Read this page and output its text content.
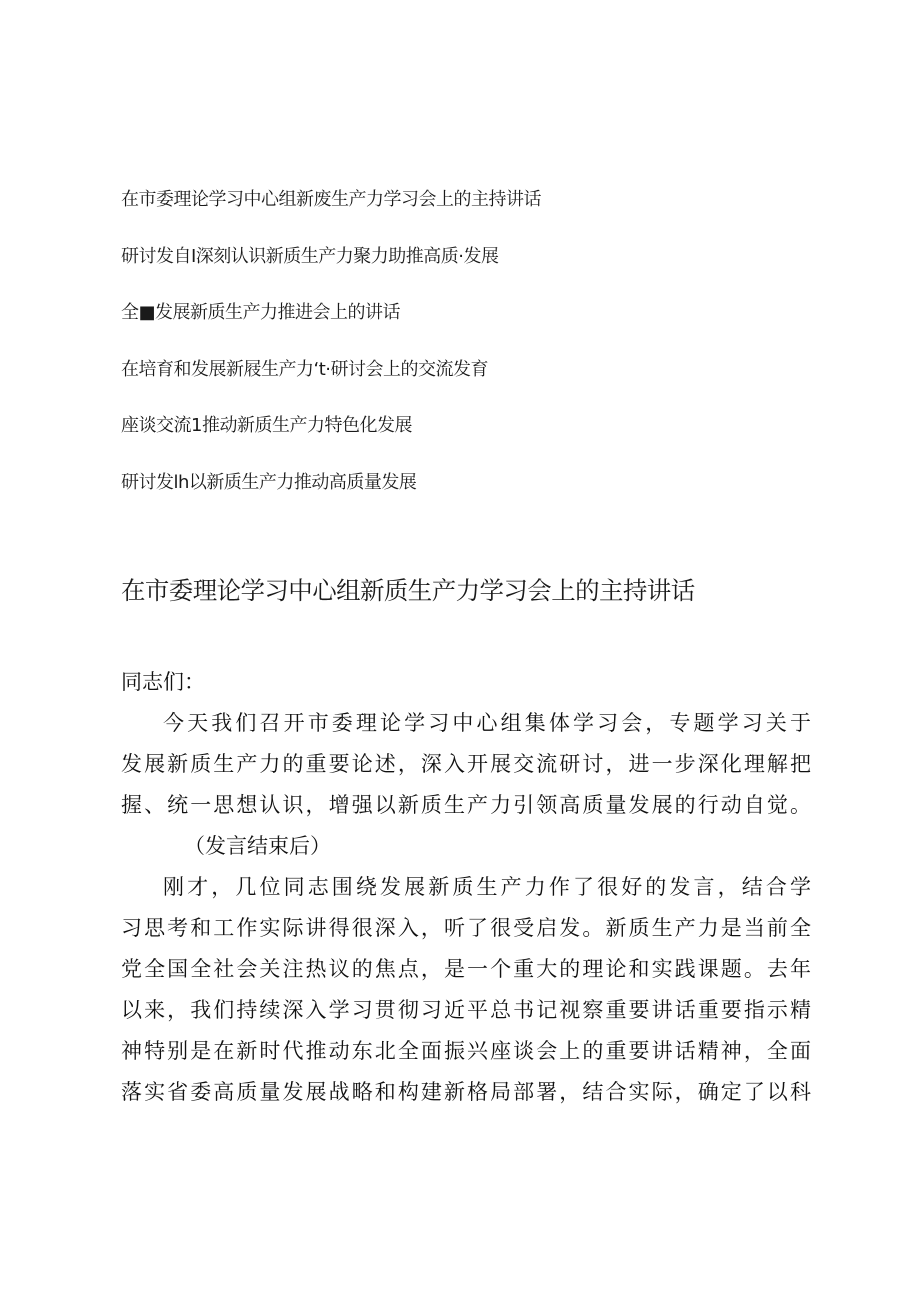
在市委理论学习中心组新废生产力学习会上的主持讲话
研讨发自I深刻认识新质生产力聚力助推高质·发展
全■发展新质生产力推进会上的讲话
在培育和发展新屐生产力‘t·研讨会上的交流发育
座谈交流1推动新质生产力特色化发展
研讨发lh以新质生产力推动高质量发展
在市委理论学习中心组新质生产力学习会上的主持讲话
同志们：
今天我们召开市委理论学习中心组集体学习会，专题学习关于
发展新质生产力的重要论述，深入开展交流研讨，进一步深化理解把
握、统一思想认识，增强以新质生产力引领高质量发展的行动自觉。
（发言结束后）
刚才，几位同志围绕发展新质生产力作了很好的发言，结合学
习思考和工作实际讲得很深入，听了很受启发。新质生产力是当前全
党全国全社会关注热议的焦点，是一个重大的理论和实践课题。去年
以来，我们持续深入学习贯彻习近平总书记视察重要讲话重要指示精
神特别是在新时代推动东北全面振兴座谈会上的重要讲话精神，全面
落实省委高质量发展战略和构建新格局部署，结合实际，确定了以科
